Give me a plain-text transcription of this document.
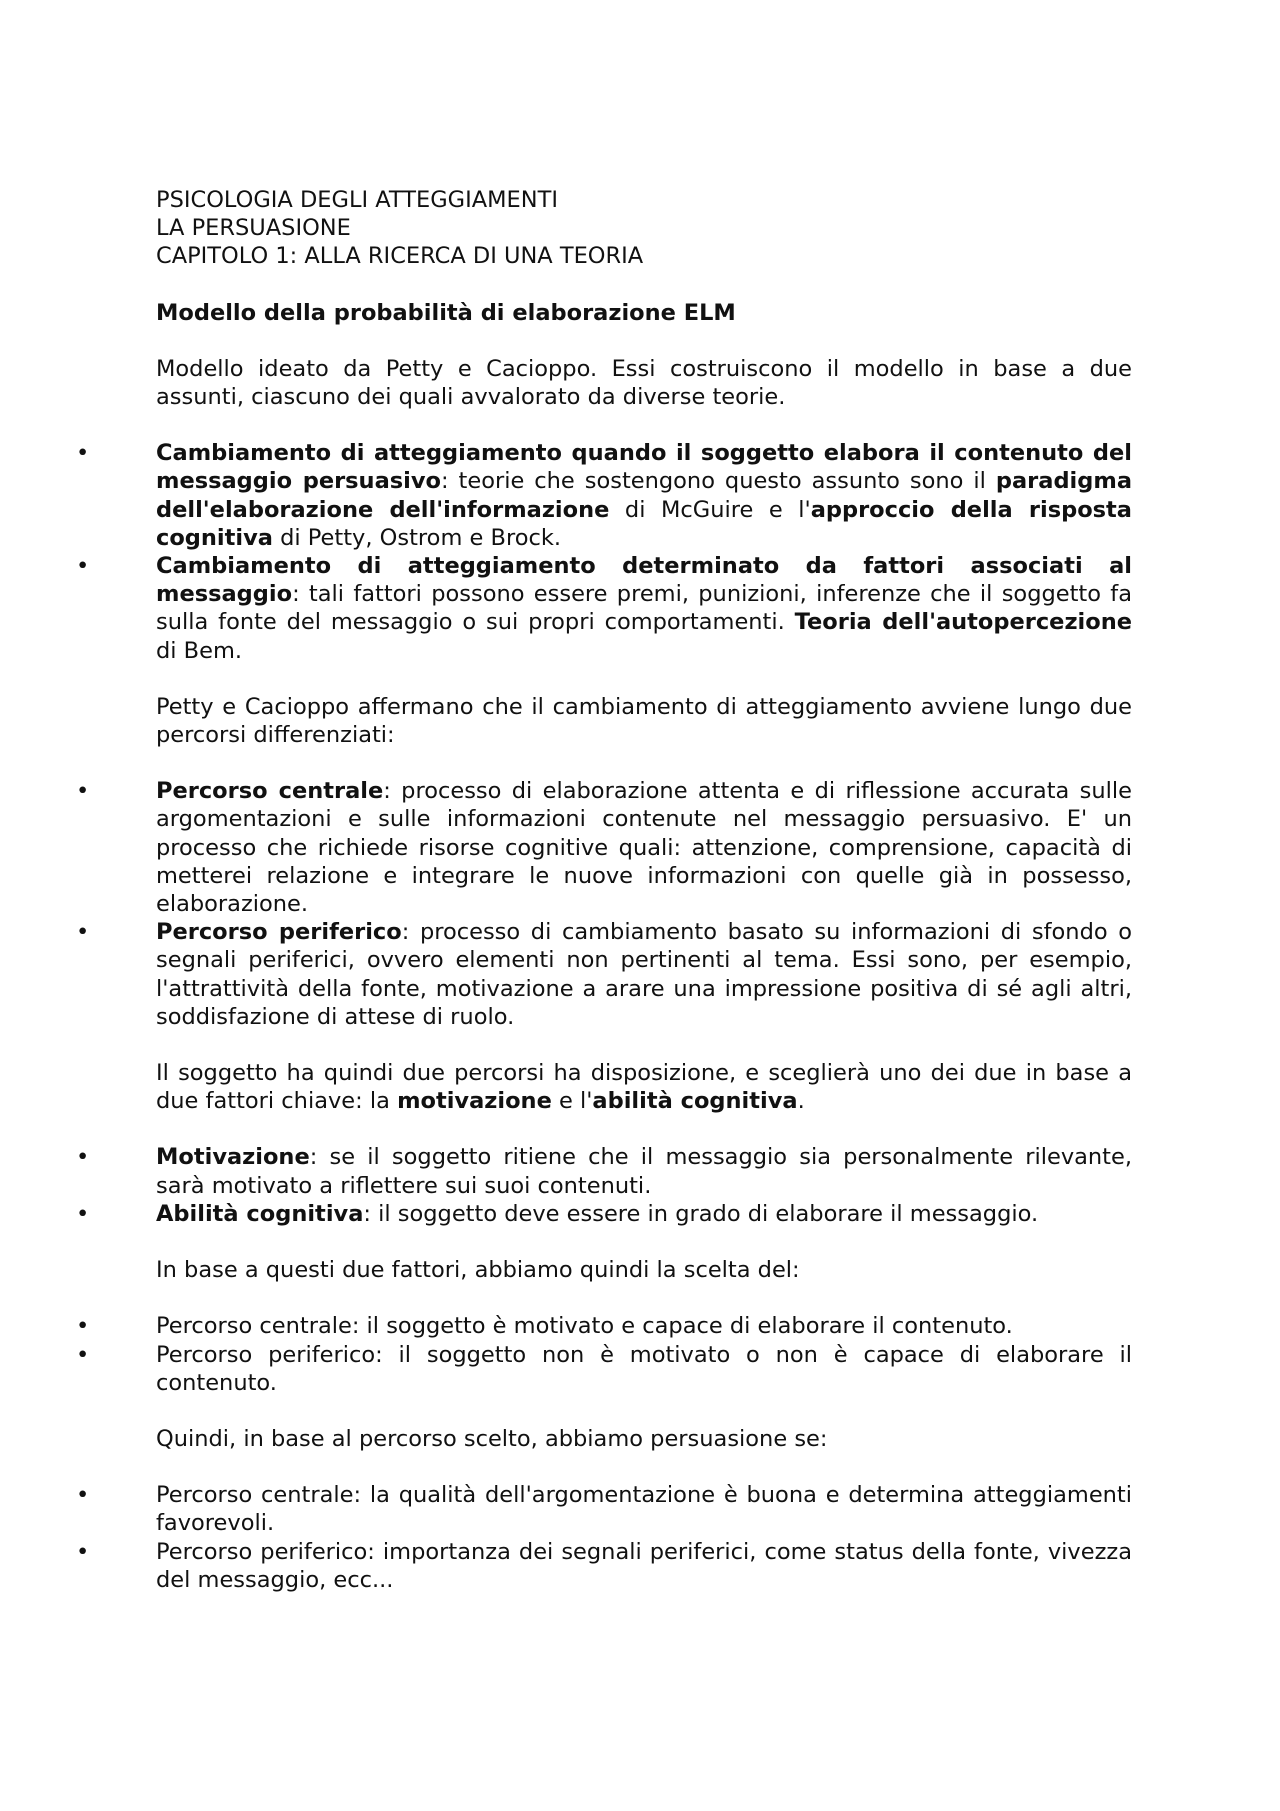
PSICOLOGIA DEGLI ATTEGGIAMENTI
LA PERSUASIONE
CAPITOLO 1: ALLA RICERCA DI UNA TEORIA

Modello della probabilità di elaborazione ELM

Modello ideato da Petty e Cacioppo. Essi costruiscono il modello in base a due assunti, ciascuno dei quali avvalorato da diverse teorie.

•	Cambiamento di atteggiamento quando il soggetto elabora il contenuto del messaggio persuasivo: teorie che sostengono questo assunto sono il paradigma dell'elaborazione dell'informazione di McGuire e l'approccio della risposta cognitiva di Petty, Ostrom e Brock.

•	Cambiamento di atteggiamento determinato da fattori associati al messaggio: tali fattori possono essere premi, punizioni, inferenze che il soggetto fa sulla fonte del messaggio o sui propri comportamenti. Teoria dell'autopercezione di Bem.

Petty e Cacioppo affermano che il cambiamento di atteggiamento avviene lungo due percorsi differenziati:

•	Percorso centrale: processo di elaborazione attenta e di riflessione accurata sulle argomentazioni e sulle informazioni contenute nel messaggio persuasivo. E' un processo che richiede risorse cognitive quali: attenzione, comprensione, capacità di metterei relazione e integrare le nuove informazioni con quelle già in possesso, elaborazione.

•	Percorso periferico: processo di cambiamento basato su informazioni di sfondo o segnali periferici, ovvero elementi non pertinenti al tema. Essi sono, per esempio, l'attrattività della fonte, motivazione a arare una impressione positiva di sé agli altri, soddisfazione di attese di ruolo.

Il soggetto ha quindi due percorsi ha disposizione, e sceglierà uno dei due in base a due fattori chiave: la motivazione e l'abilità cognitiva.

•	Motivazione: se il soggetto ritiene che il messaggio sia personalmente rilevante, sarà motivato a riflettere sui suoi contenuti.

•	Abilità cognitiva: il soggetto deve essere in grado di elaborare il messaggio.

In base a questi due fattori, abbiamo quindi la scelta del:

•	Percorso centrale: il soggetto è motivato e capace di elaborare il contenuto.

•	Percorso periferico: il soggetto non è motivato o non è capace di elaborare il contenuto.

Quindi, in base al percorso scelto, abbiamo persuasione se:

•	Percorso centrale: la qualità dell'argomentazione è buona e determina atteggiamenti favorevoli.

•	Percorso periferico: importanza dei segnali periferici, come status della fonte, vivezza del messaggio, ecc...
